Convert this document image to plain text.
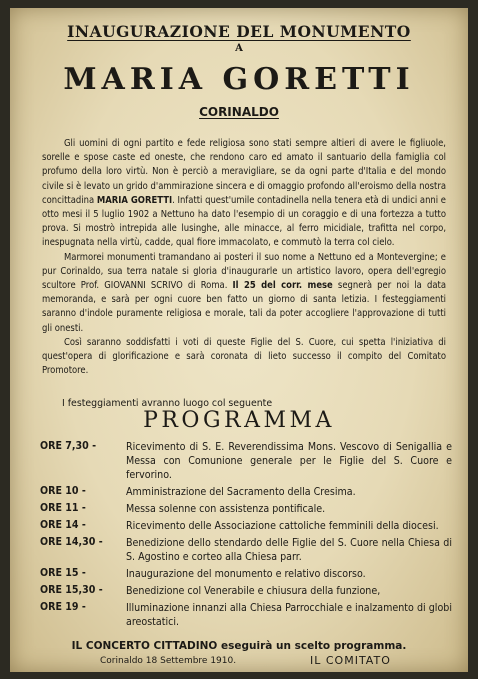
INAUGURAZIONE DEL MONUMENTO
A
MARIA GORETTI
CORINALDO

Gli uomini di ogni partito e fede religiosa sono stati sempre altieri di avere le figliuole, sorelle e spose caste ed oneste, che rendono caro ed amato il santuario della famiglia col profumo della loro virtù. Non è perciò a meravigliare, se da ogni parte d'Italia e del mondo civile si è levato un grido d'ammirazione sincera e di omaggio profondo all'eroismo della nostra concittadina MARIA GORETTI. Infatti quest'umile contadinella nella tenera età di undici anni e otto mesi il 5 luglio 1902 a Nettuno ha dato l'esempio di un coraggio e di una fortezza a tutto prova. Si mostrò intrepida alle lusinghe, alle minacce, al ferro micidiale, trafitta nel corpo, inespugnata nella virtù, cadde, qual fiore immacolato, e commutò la terra col cielo.

Marmorei monumenti tramandano ai posteri il suo nome a Nettuno ed a Montevergine; e pur Corinaldo, sua terra natale si gloria d'inaugurarle un artistico lavoro, opera dell'egregio scultore Prof. GIOVANNI SCRIVO di Roma. Il 25 del corr. mese segnerà per noi la data memoranda, e sarà per ogni cuore ben fatto un giorno di santa letizia. I festeggiamenti saranno d'indole puramente religiosa e morale, tali da poter accogliere l'approvazione di tutti gli onesti.

Così saranno soddisfatti i voti di queste Figlie del S. Cuore, cui spetta l'iniziativa di quest'opera di glorificazione e sarà coronata di lieto successo il compito del Comitato Promotore.

I festeggiamenti avranno luogo col seguente
PROGRAMMA
ORE 7,30 -	Ricevimento di S. E. Reverendissima Mons. Vescovo di Senigallia e Messa con Comunione generale per le Figlie del S. Cuore e fervorino.
ORE 10 -	Amministrazione del Sacramento della Cresima.
ORE 11 -	Messa solenne con assistenza pontificale.
ORE 14 -	Ricevimento delle Associazione cattoliche femminili della diocesi.
ORE 14,30 -	Benedizione dello stendardo delle Figlie del S. Cuore nella Chiesa di S. Agostino e corteo alla Chiesa parr.
ORE 15 -	Inaugurazione del monumento e relativo discorso.
ORE 15,30 -	Benedizione col Venerabile e chiusura della funzione,
ORE 19 -	Illuminazione innanzi alla Chiesa Parrocchiale e inalzamento di globi areostatici.
IL CONCERTO CITTADINO eseguirà un scelto programma.
Corinaldo 18 Settembre 1910.	IL COMITATO
